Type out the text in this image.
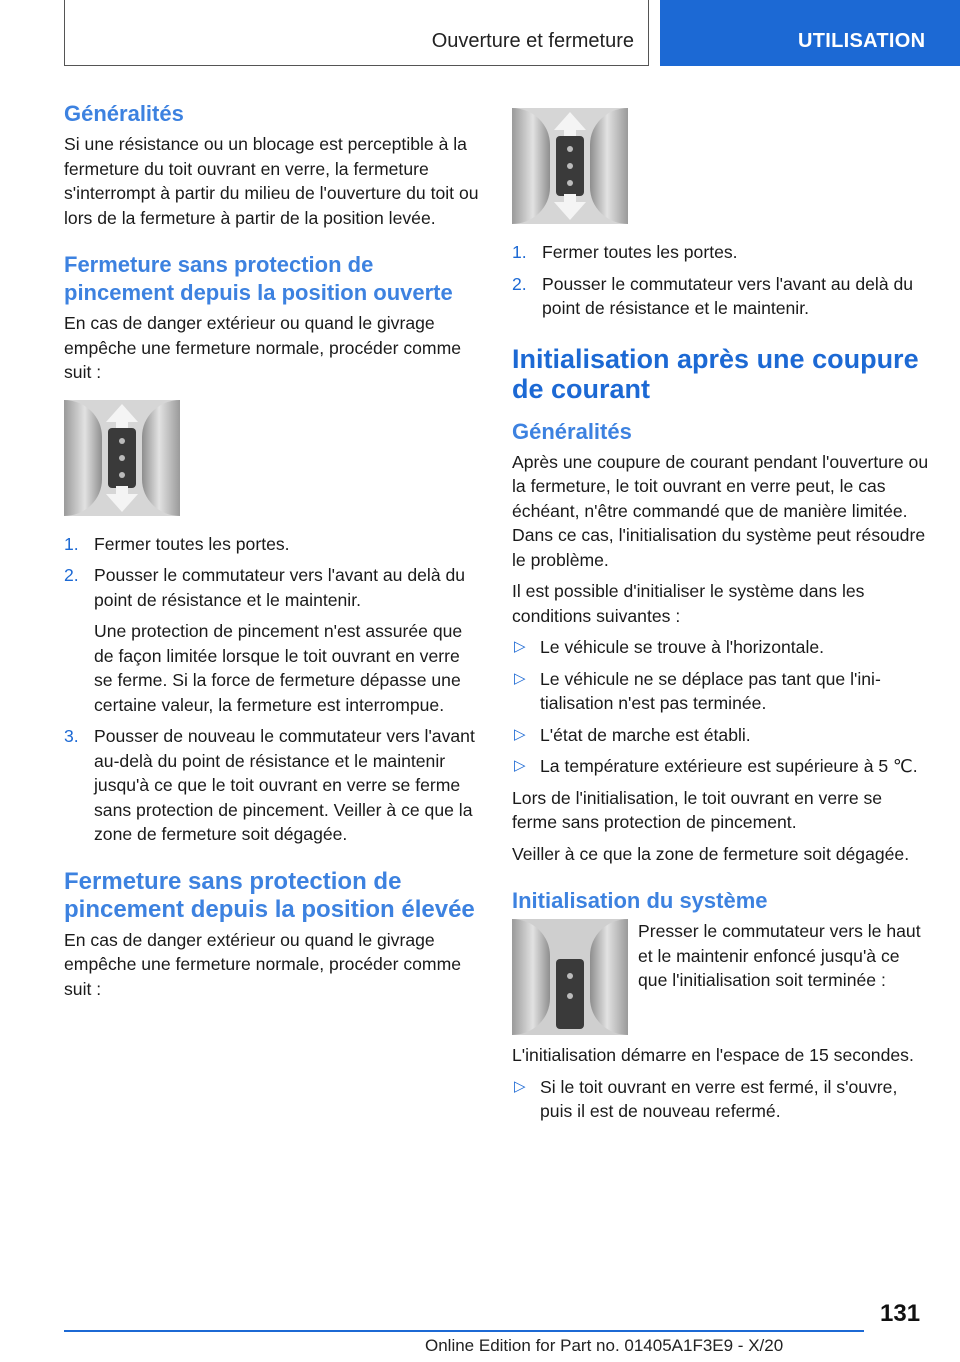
Ouverture et fermeture	UTILISATION
Généralités
Si une résistance ou un blocage est perceptible à la fermeture du toit ouvrant en verre, la fermeture s'interrompt à partir du milieu de l'ouverture du toit ou lors de la fermeture à partir de la position levée.
Fermeture sans protection de pincement depuis la position ouverte
En cas de danger extérieur ou quand le givrage empêche une fermeture normale, procéder comme suit :
1. Fermer toutes les portes.
2. Pousser le commutateur vers l'avant au delà du point de résistance et le maintenir.
Une protection de pincement n'est assurée que de façon limitée lorsque le toit ouvrant en verre se ferme. Si la force de fermeture dépasse une certaine valeur, la fermeture est interrompue.
3. Pousser de nouveau le commutateur vers l'avant au-delà du point de résistance et le maintenir jusqu'à ce que le toit ouvrant en verre se ferme sans protection de pincement. Veiller à ce que la zone de fermeture soit dégagée.
Fermeture sans protection de pincement depuis la position élevée
En cas de danger extérieur ou quand le givrage empêche une fermeture normale, procéder comme suit :
1. Fermer toutes les portes.
2. Pousser le commutateur vers l'avant au delà du point de résistance et le maintenir.
Initialisation après une coupure de courant
Généralités
Après une coupure de courant pendant l'ouverture ou la fermeture, le toit ouvrant en verre peut, le cas échéant, n'être commandé que de manière limitée. Dans ce cas, l'initialisation du système peut résoudre le problème.
Il est possible d'initialiser le système dans les conditions suivantes :
▷ Le véhicule se trouve à l'horizontale.
▷ Le véhicule ne se déplace pas tant que l'initialisation n'est pas terminée.
▷ L'état de marche est établi.
▷ La température extérieure est supérieure à 5 ℃.
Lors de l'initialisation, le toit ouvrant en verre se ferme sans protection de pincement.
Veiller à ce que la zone de fermeture soit dégagée.
Initialisation du système
Presser le commutateur vers le haut et le maintenir enfoncé jusqu'à ce que l'initialisation soit terminée :
L'initialisation démarre en l'espace de 15 secondes.
▷ Si le toit ouvrant en verre est fermé, il s'ouvre, puis il est de nouveau refermé.
131
Online Edition for Part no. 01405A1F3E9 - X/20
